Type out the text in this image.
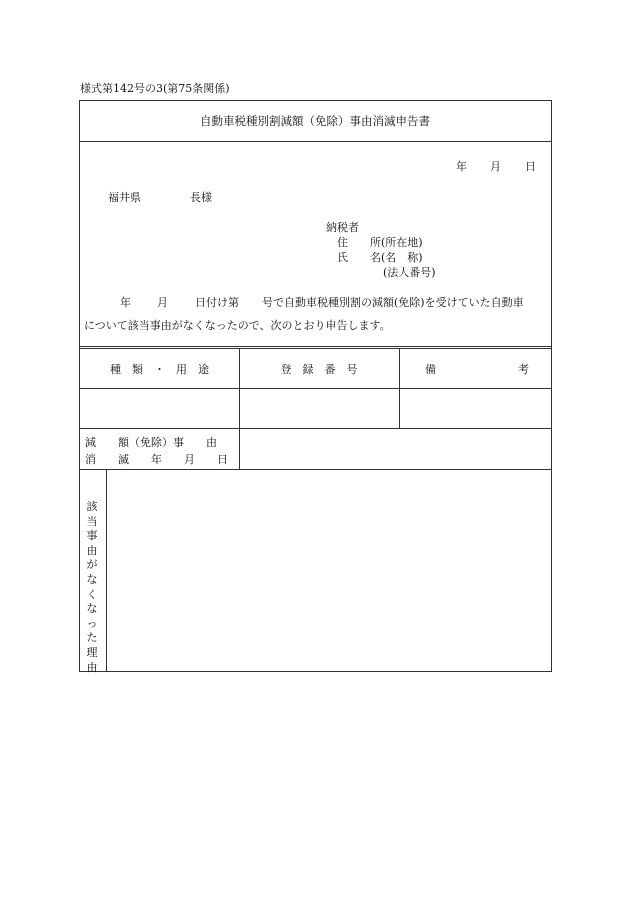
様式第142号の3(第75条関係)
自動車税種別割減額（免除）事由消滅申告書
年 月 日
福井県	長様
納税者
住　　所(所在地)
氏　　名(名　称)
(法人番号)
年 月 日付け第 号で自動車税種別割の減額(免除)を受けていた自動車
について該当事由がなくなったので、次のとおり申告します。
種　類　・　用　途	登　録　番　号	備	考
減　　額（免除）事　　由
消　　滅　　年　　月　　日
該
当
事
由
が
な
く
な
っ
た
理
由
